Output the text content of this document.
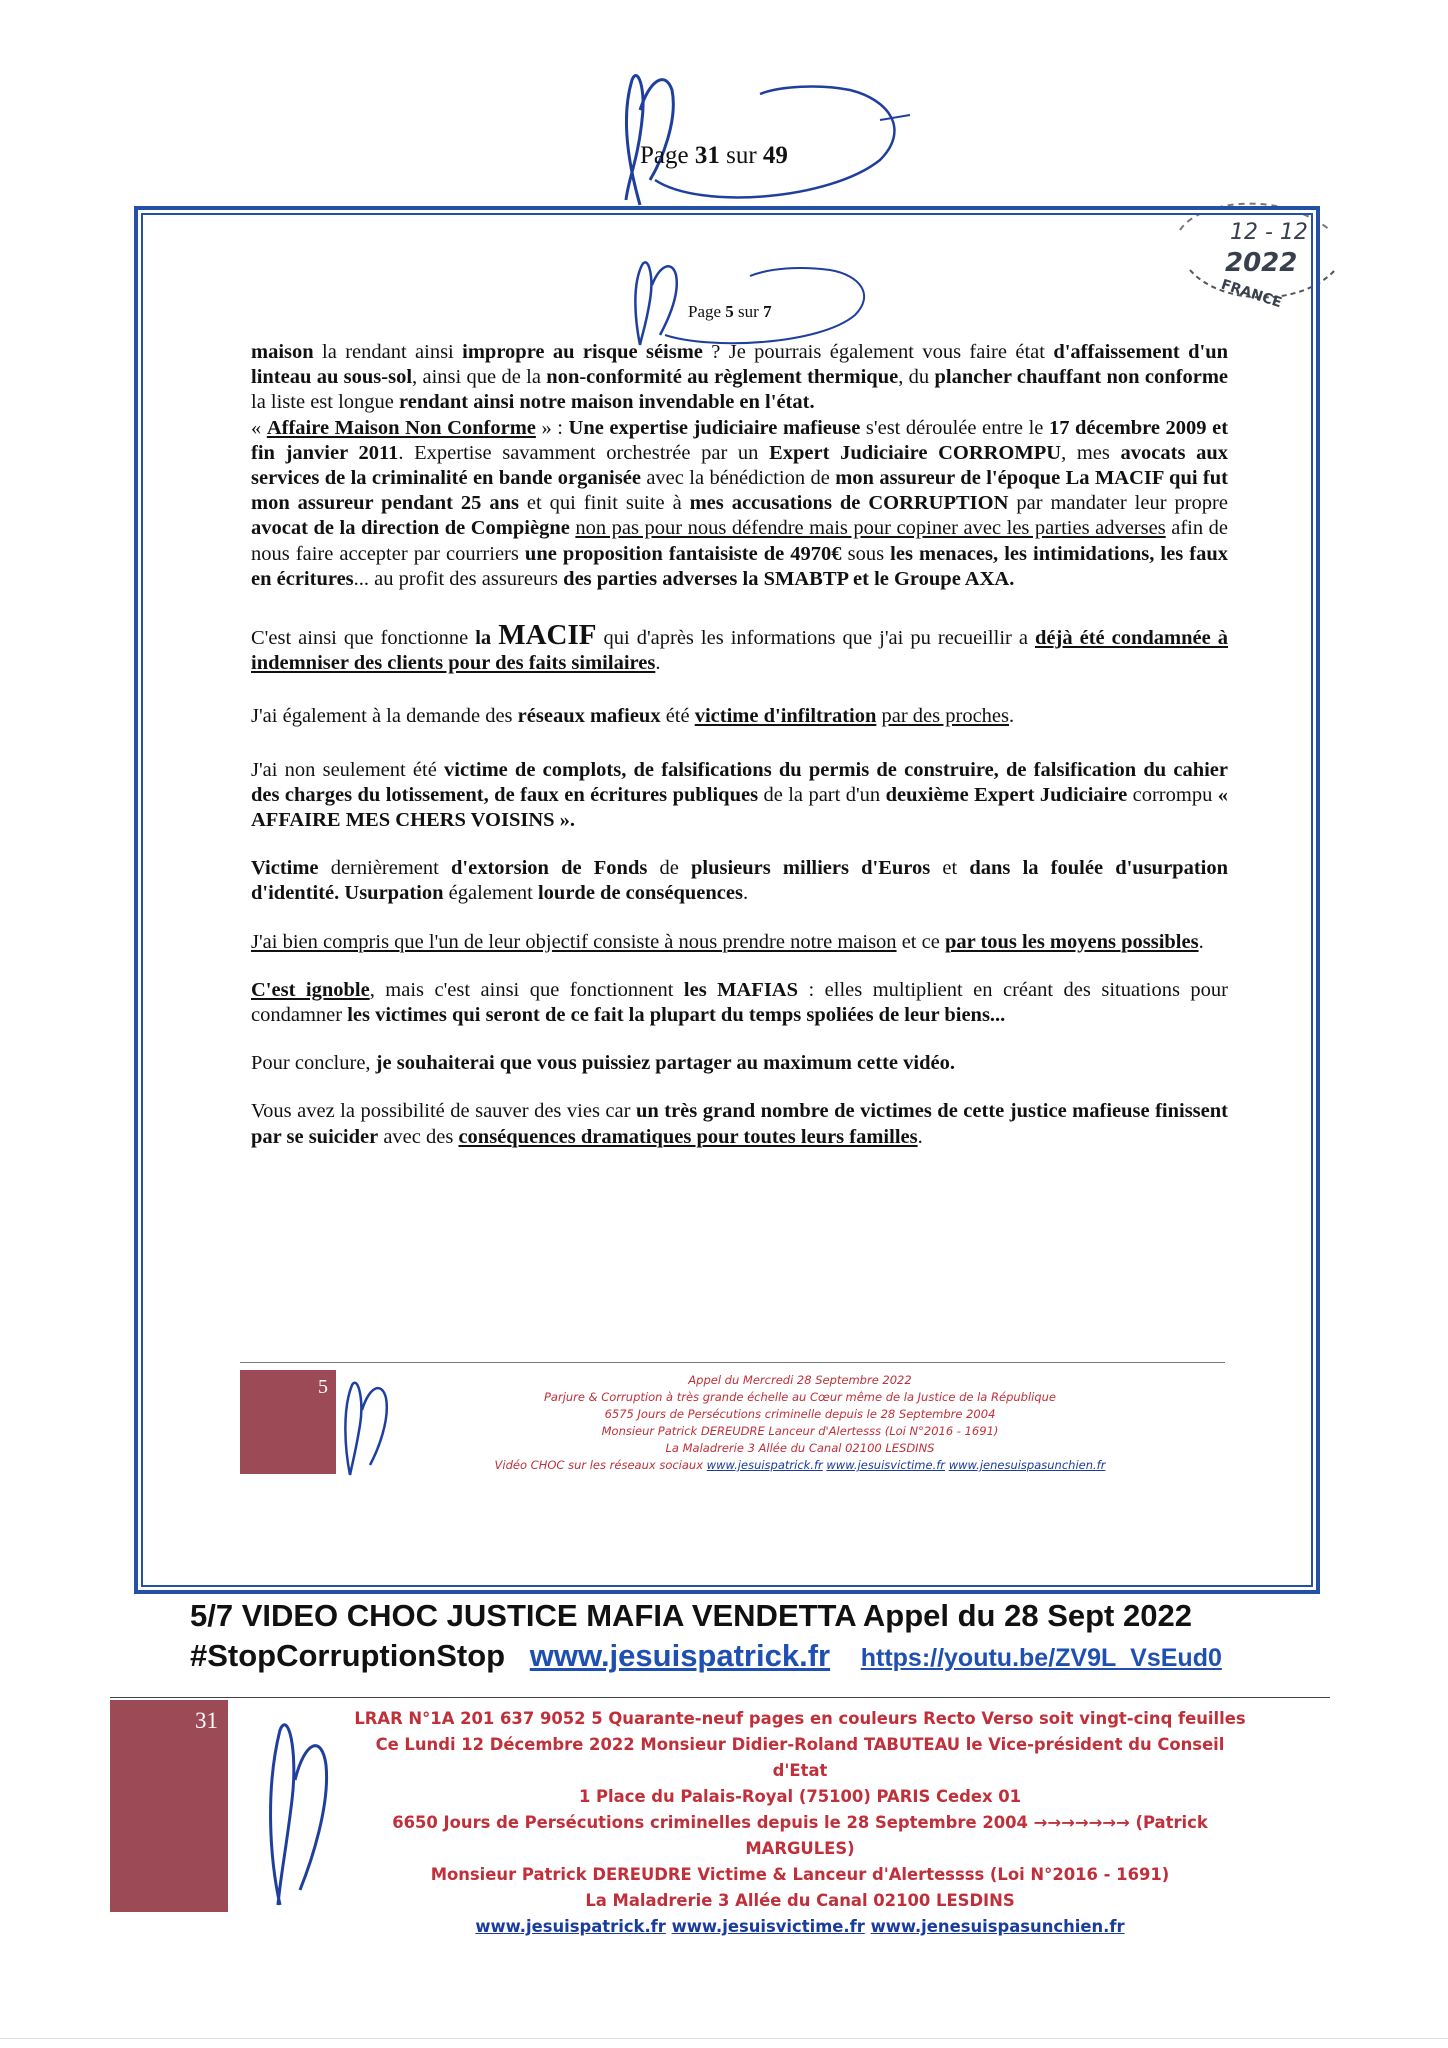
Page 31 sur 49
12 - 12
2022
FRANCE
Page 5 sur 7

maison la rendant ainsi impropre au risque séisme ? Je pourrais également vous faire état d'affaissement d'un linteau au sous-sol, ainsi que de la non-conformité au règlement thermique, du plancher chauffant non conforme la liste est longue rendant ainsi notre maison invendable en l'état.

« Affaire Maison Non Conforme » : Une expertise judiciaire mafieuse s'est déroulée entre le 17 décembre 2009 et fin janvier 2011. Expertise savamment orchestrée par un Expert Judiciaire CORROMPU, mes avocats aux services de la criminalité en bande organisée avec la bénédiction de mon assureur de l'époque La MACIF qui fut mon assureur pendant 25 ans et qui finit suite à mes accusations de CORRUPTION par mandater leur propre avocat de la direction de Compiègne non pas pour nous défendre mais pour copiner avec les parties adverses afin de nous faire accepter par courriers une proposition fantaisiste de 4970€ sous les menaces, les intimidations, les faux en écritures... au profit des assureurs des parties adverses la SMABTP et le Groupe AXA.

C'est ainsi que fonctionne la MACIF qui d'après les informations que j'ai pu recueillir a déjà été condamnée à indemniser des clients pour des faits similaires.

J'ai également à la demande des réseaux mafieux été victime d'infiltration par des proches.

J'ai non seulement été victime de complots, de falsifications du permis de construire, de falsification du cahier des charges du lotissement, de faux en écritures publiques de la part d'un deuxième Expert Judiciaire corrompu « AFFAIRE MES CHERS VOISINS ».

Victime dernièrement d'extorsion de Fonds de plusieurs milliers d'Euros et dans la foulée d'usurpation d'identité. Usurpation également lourde de conséquences.

J'ai bien compris que l'un de leur objectif consiste à nous prendre notre maison et ce par tous les moyens possibles.

C'est ignoble, mais c'est ainsi que fonctionnent les MAFIAS : elles multiplient en créant des situations pour condamner les victimes qui seront de ce fait la plupart du temps spoliées de leur biens...

Pour conclure, je souhaiterai que vous puissiez partager au maximum cette vidéo.

Vous avez la possibilité de sauver des vies car un très grand nombre de victimes de cette justice mafieuse finissent par se suicider avec des conséquences dramatiques pour toutes leurs familles.

5	Appel du Mercredi 28 Septembre 2022
Parjure & Corruption à très grande échelle au Cœur même de la Justice de la République
6575 Jours de Persécutions criminelle depuis le 28 Septembre 2004
Monsieur Patrick DEREUDRE Lanceur d'Alertesss (Loi N°2016 - 1691)
La Maladrerie 3 Allée du Canal 02100 LESDINS
Vidéo CHOC sur les réseaux sociaux www.jesuispatrick.fr www.jesuisvictime.fr www.jenesuispasunchien.fr
5/7 VIDEO CHOC JUSTICE MAFIA VENDETTA Appel du 28 Sept 2022
#StopCorruptionStop www.jesuispatrick.fr https://youtu.be/ZV9L_VsEud0
31	LRAR N°1A 201 637 9052 5 Quarante-neuf pages en couleurs Recto Verso soit vingt-cinq feuilles
Ce Lundi 12 Décembre 2022 Monsieur Didier-Roland TABUTEAU le Vice-président du Conseil d'Etat
1 Place du Palais-Royal (75100) PARIS Cedex 01
6650 Jours de Persécutions criminelles depuis le 28 Septembre 2004 →→→→→→→ (Patrick MARGULES)
Monsieur Patrick DEREUDRE Victime & Lanceur d'Alertessss (Loi N°2016 - 1691)
La Maladrerie 3 Allée du Canal 02100 LESDINS
www.jesuispatrick.fr www.jesuisvictime.fr www.jenesuispasunchien.fr
